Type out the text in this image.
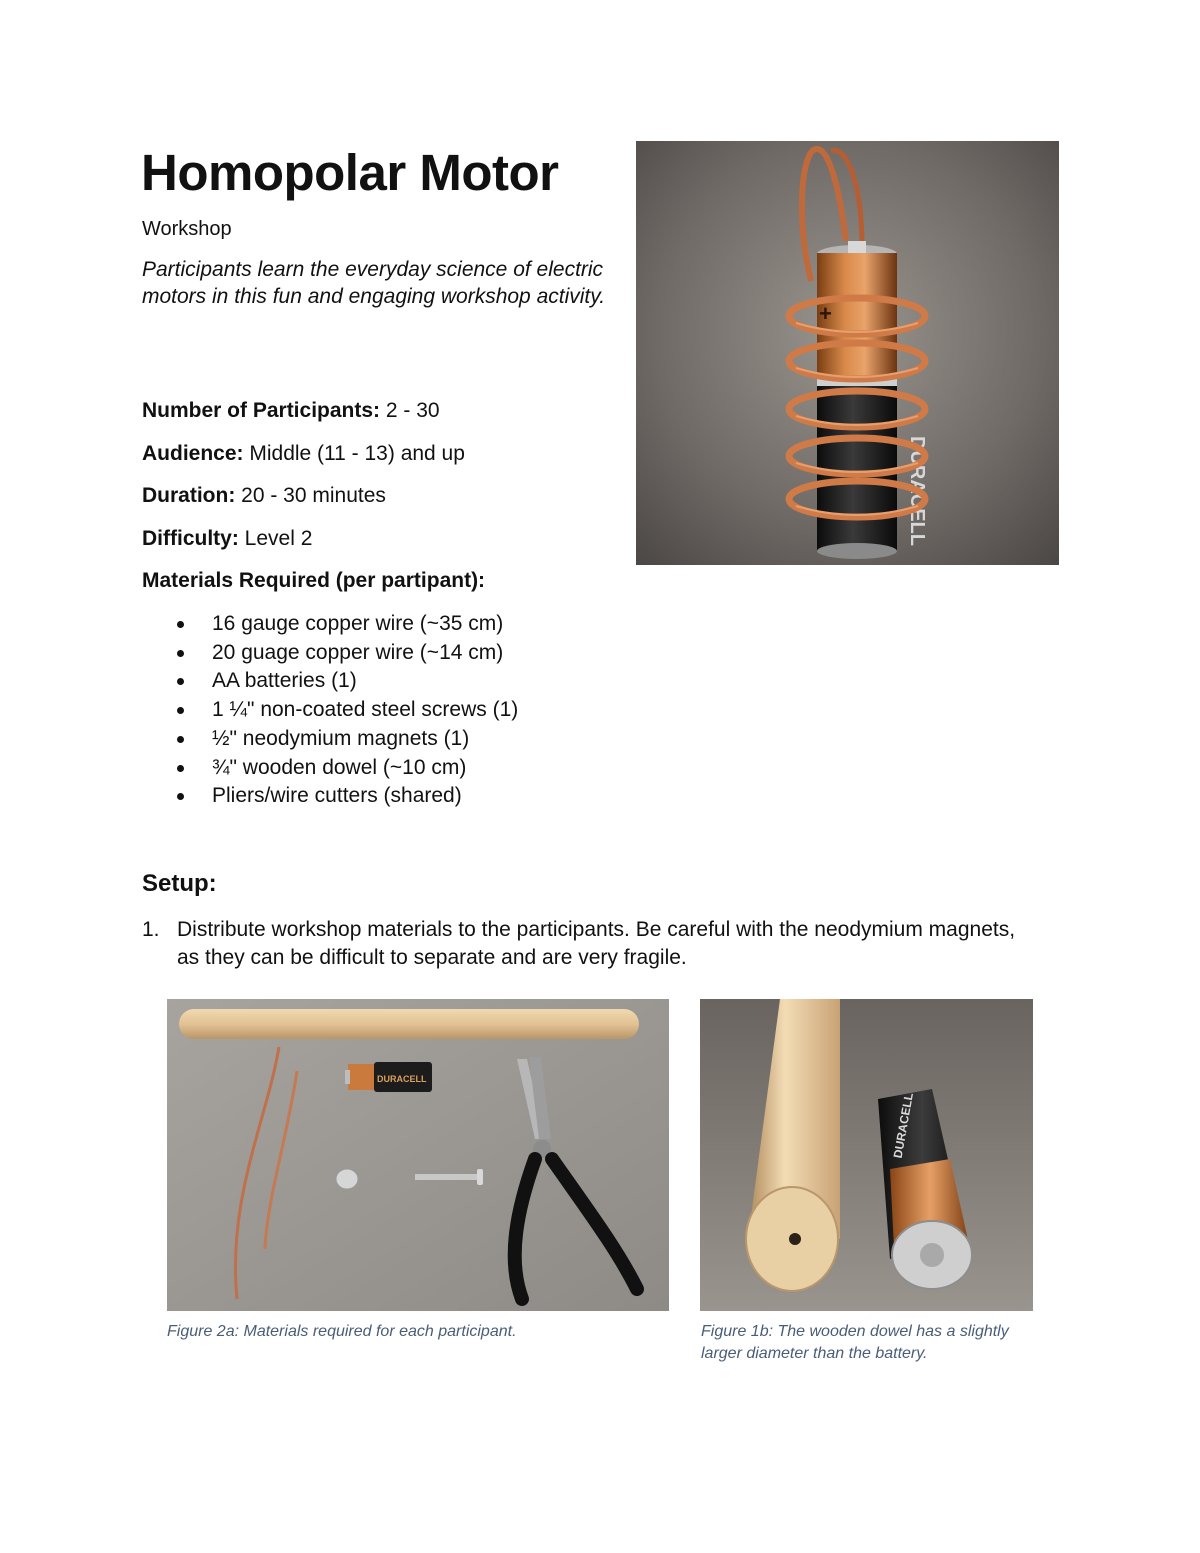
Homopolar Motor
Workshop

Participants learn the everyday science of electric motors in this fun and engaging workshop activity.

Number of Participants: 2 - 30
Audience: Middle (11 - 13) and up
Duration: 20 - 30 minutes
Difficulty: Level 2
Materials Required (per partipant):
16 gauge copper wire (~35 cm)
20 guage copper wire (~14 cm)
AA batteries (1)
1 ¼" non-coated steel screws (1)
½" neodymium magnets (1)
¾" wooden dowel (~10 cm)
Pliers/wire cutters (shared)
Setup:
1. Distribute workshop materials to the participants. Be careful with the neodymium magnets, as they can be difficult to separate and are very fragile.
+
DURACELL
DURACELL
Figure 2a: Materials required for each participant.
DURACELL
Figure 1b: The wooden dowel has a slightly larger diameter than the battery.
